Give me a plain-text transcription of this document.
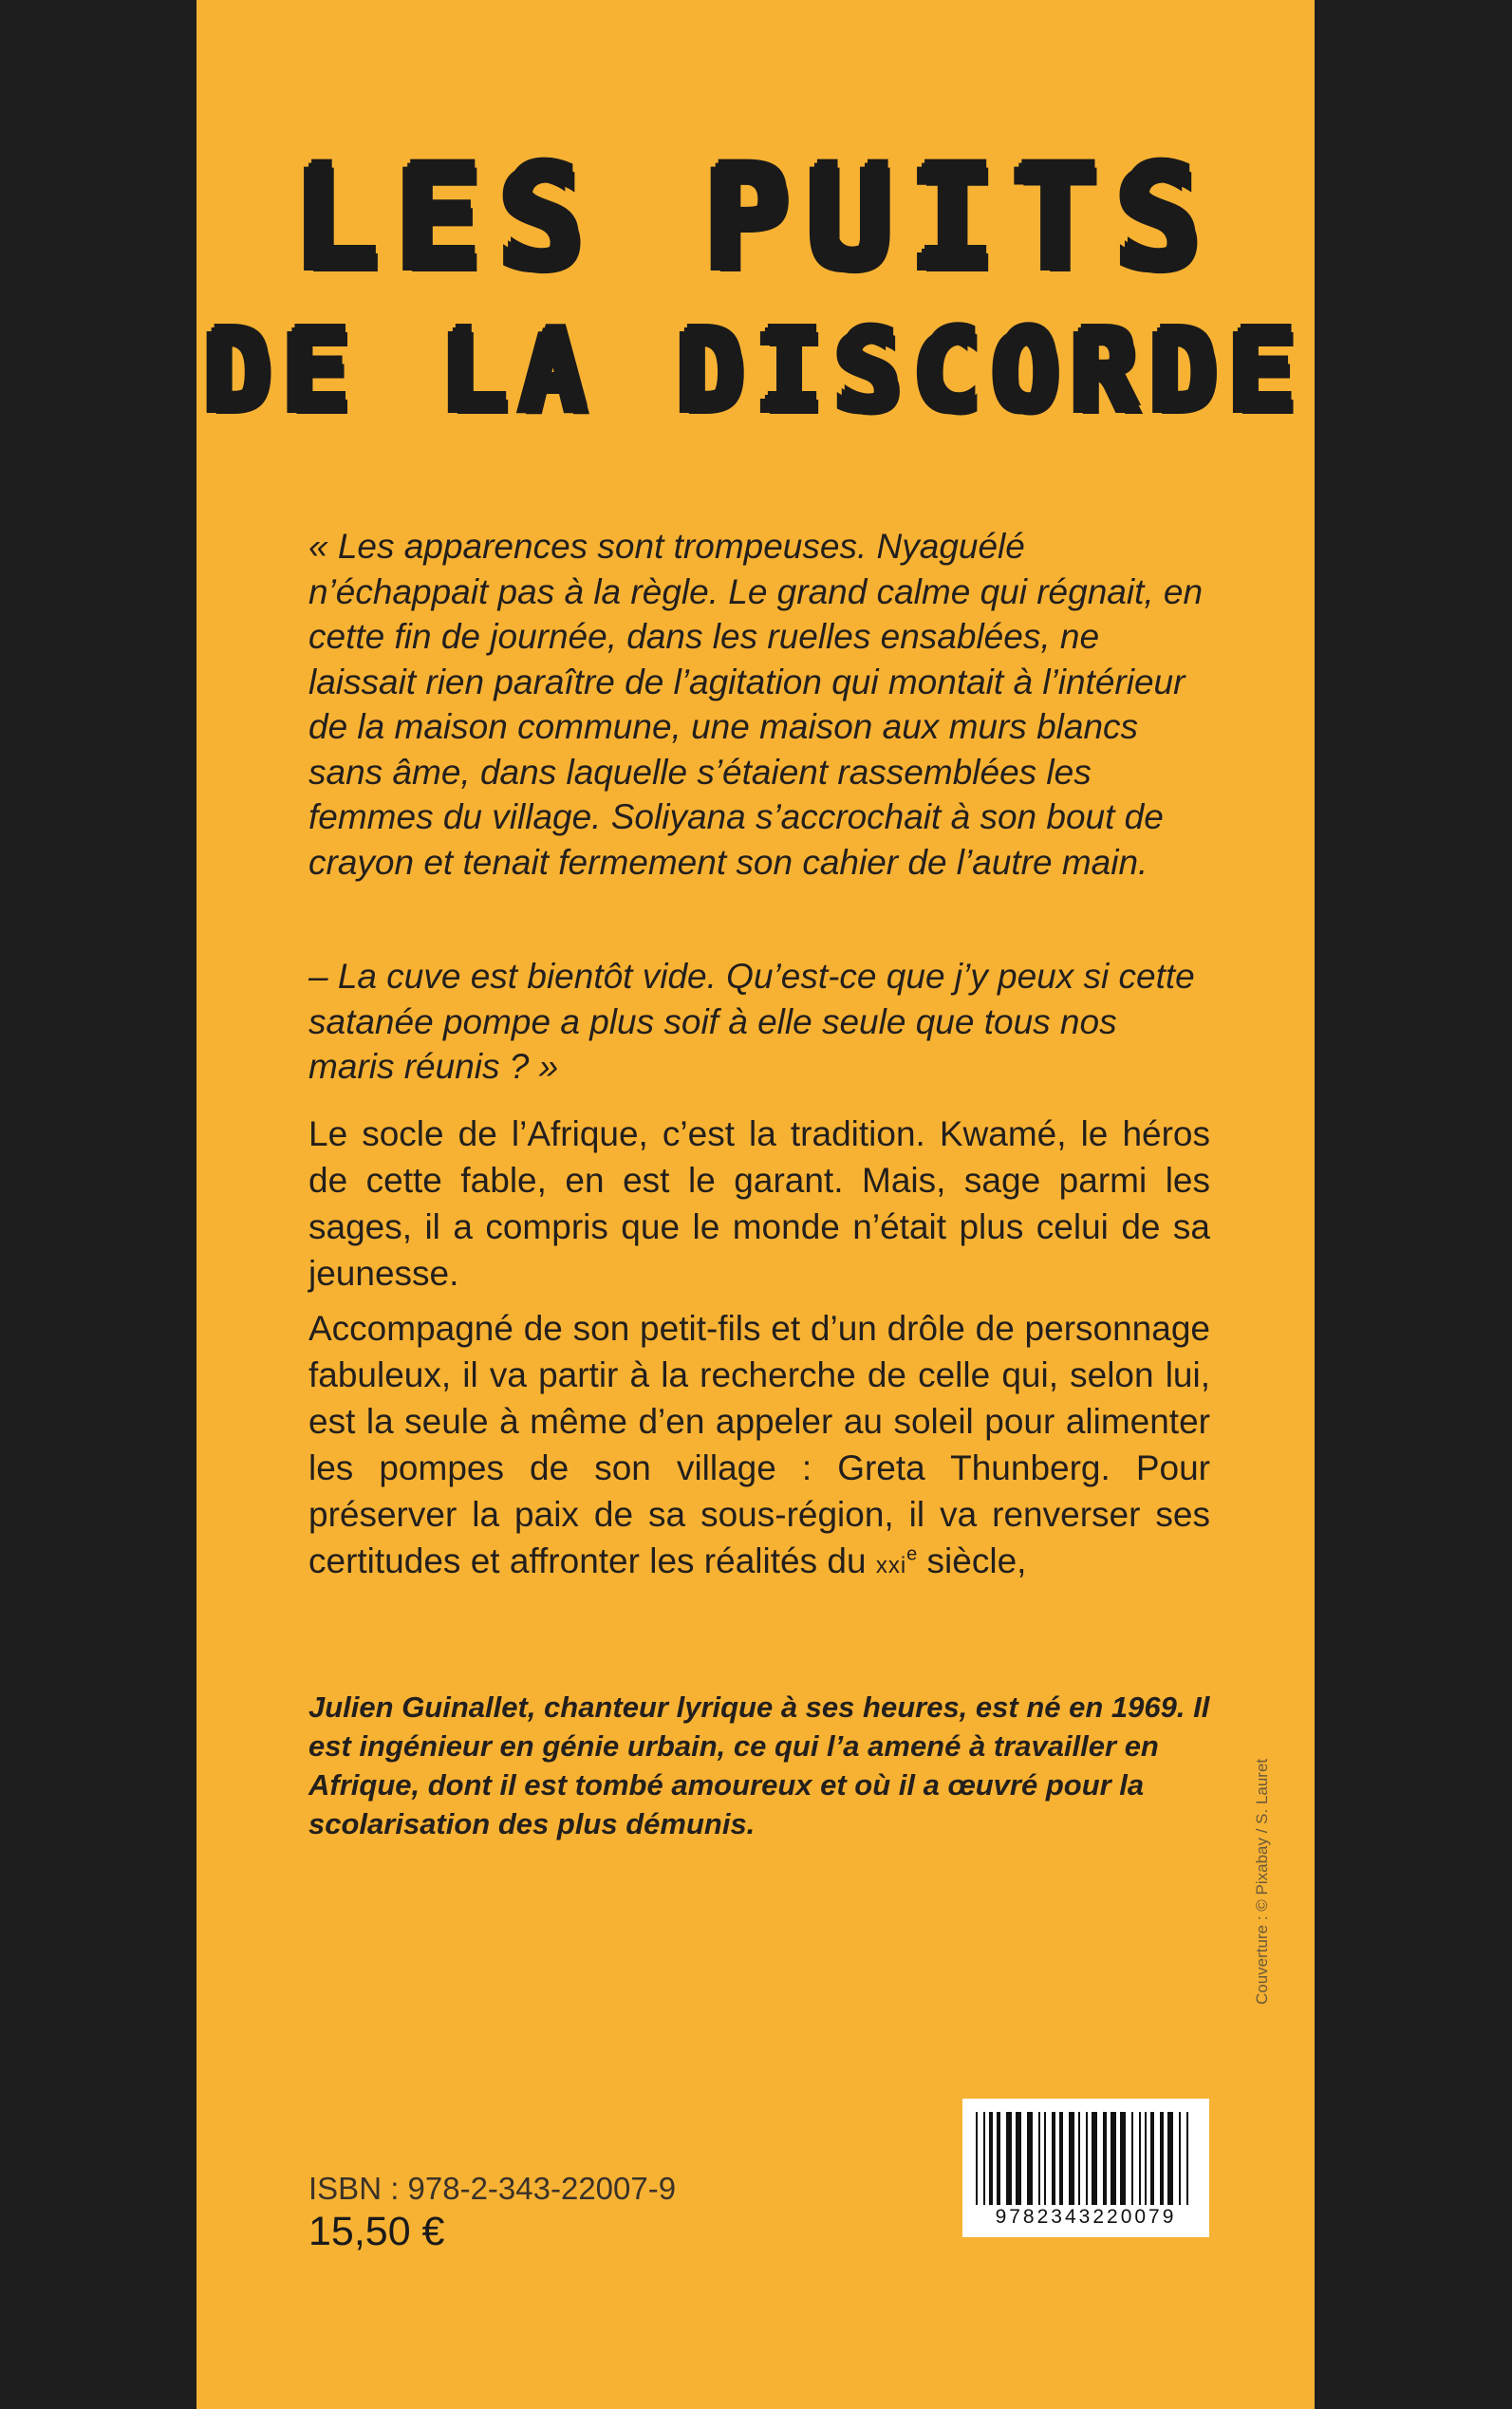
LES PUITS
DE LA DISCORDE

« Les apparences sont trompeuses. Nyaguélé n’échappait pas à la règle. Le grand calme qui régnait, en cette fin de journée, dans les ruelles ensablées, ne laissait rien paraître de l’agitation qui montait à l’intérieur de la maison commune, une maison aux murs blancs sans âme, dans laquelle s’étaient rassemblées les femmes du village. Soliyana s’accrochait à son bout de crayon et tenait fermement son cahier de l’autre main.

– La cuve est bientôt vide. Qu’est-ce que j’y peux si cette satanée pompe a plus soif à elle seule que tous nos maris réunis ? »

Le socle de l’Afrique, c’est la tradition. Kwamé, le héros de cette fable, en est le garant. Mais, sage parmi les sages, il a compris que le monde n’était plus celui de sa jeunesse.

Accompagné de son petit-fils et d’un drôle de personnage fabuleux, il va partir à la recherche de celle qui, selon lui, est la seule à même d’en appeler au soleil pour alimenter les pompes de son village : Greta Thunberg. Pour préserver la paix de sa sous-région, il va renverser ses certitudes et affronter les réalités du xxi$^e$ siècle,

Julien Guinallet, chanteur lyrique à ses heures, est né en 1969. Il est ingénieur en génie urbain, ce qui l’a amené à travailler en Afrique, dont il est tombé amoureux et où il a œuvré pour la scolarisation des plus démunis.	Couverture : © Pixabay / S. Lauret
9782343220079
ISBN : 978-2-343-22007-9
15,50 €
